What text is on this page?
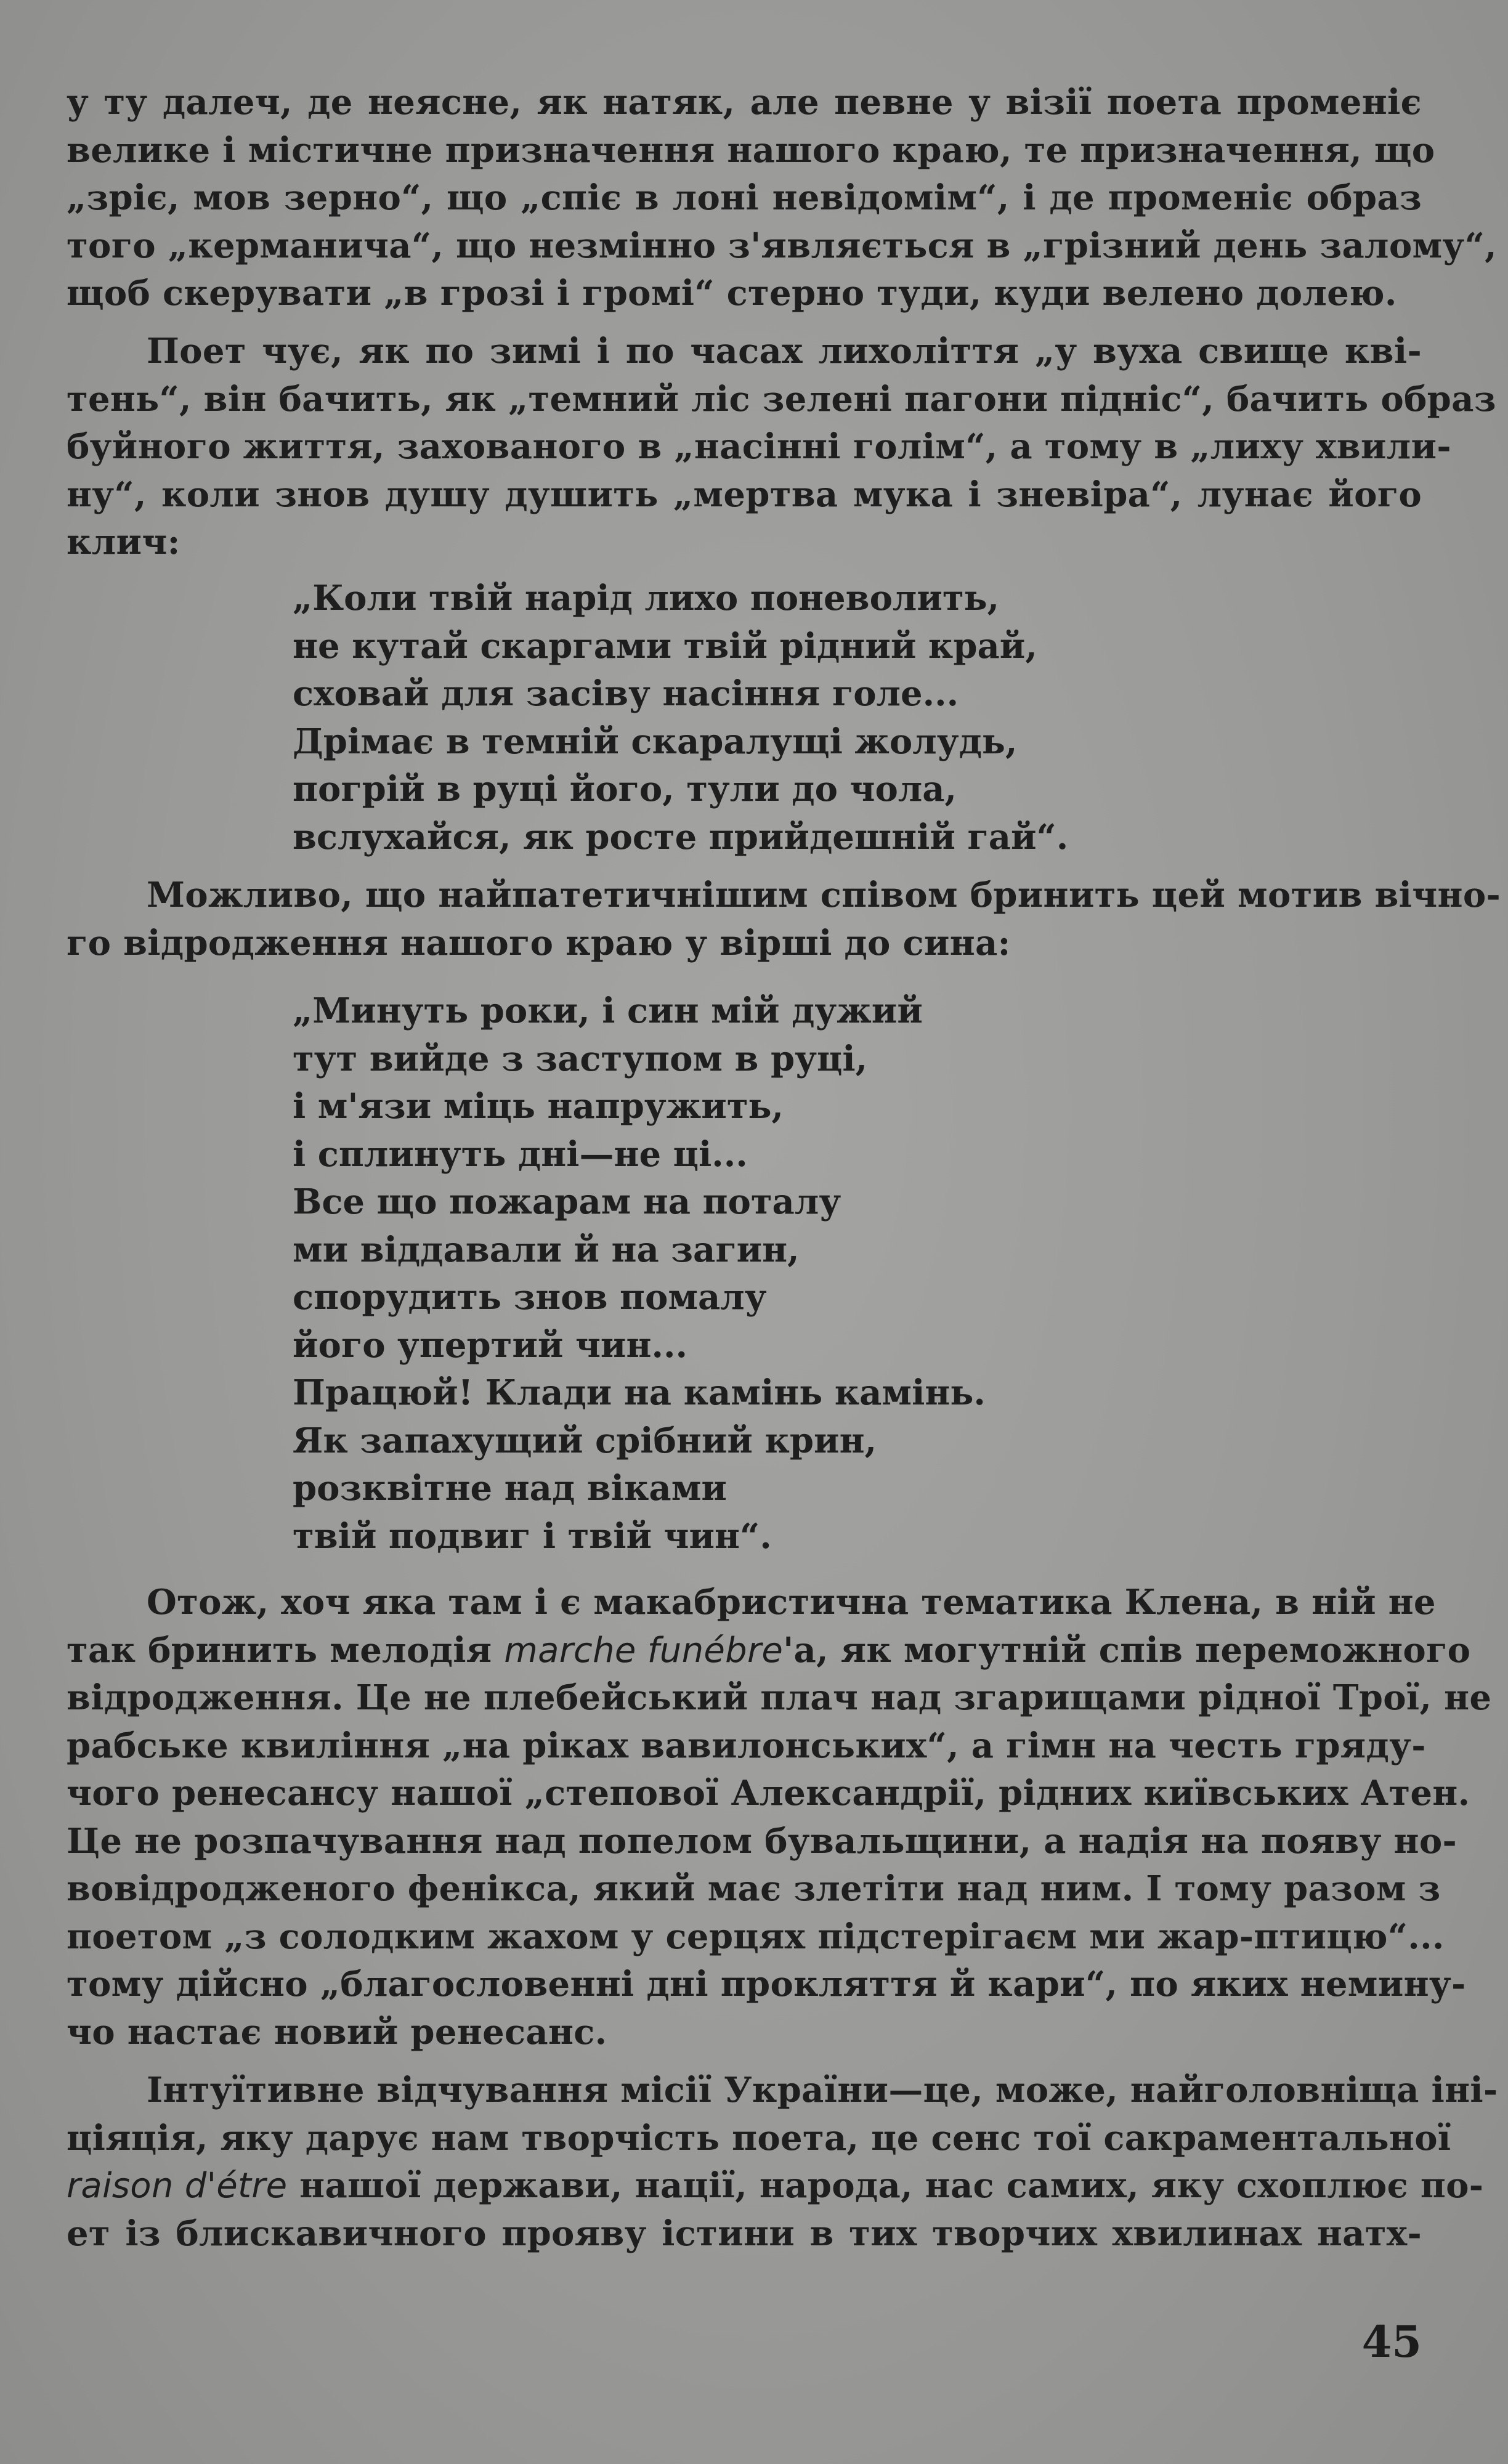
у ту далеч, де неясне, як натяк, але певне у візії поета променіє
велике і містичне призначення нашого краю, те призначення, що
„зріє, мов зерно“, що „спіє в лоні невідомім“, і де променіє образ
того „керманича“, що незмінно з'являється в „грізний день залому“,
щоб скерувати „в грозі і громі“ стерно туди, куди велено долею.

Поет чує, як по зимі і по часах лихоліття „у вуха свище кві-
тень“, він бачить, як „темний ліс зелені пагони підніс“, бачить образ
буйного життя, захованого в „насінні голім“, а тому в „лиху хвили-
ну“, коли знов душу душить „мертва мука і зневіра“, лунає його
клич:

„Коли твій нарід лихо поневолить,
не кутай скаргами твій рідний край,
сховай для засіву насіння голе...
Дрімає в темній скаралущі жолудь,
погрій в руці його, тули до чола,
вслухайся, як росте прийдешній гай“.

Можливо, що найпатетичнішим співом бринить цей мотив вічно-
го відродження нашого краю у вірші до сина:

„Минуть роки, і син мій дужий
тут вийде з заступом в руці,
і м'язи міць напружить,
і сплинуть дні—не ці...
Все що пожарам на поталу
ми віддавали й на загин,
спорудить знов помалу
його упертий чин...
Працюй! Клади на камінь камінь.
Як запахущий срібний крин,
розквітне над віками
твій подвиг і твій чин“.

Отож, хоч яка там і є макабристична тематика Клена, в ній не
так бринить мелодія marche funébre'а, як могутній спів переможного
відродження. Це не плебейський плач над згарищами рідної Трої, не
рабське квиління „на ріках вавилонських“, а гімн на честь гряду-
чого ренесансу нашої „степової Александрії, рідних київських Атен.
Це не розпачування над попелом бувальщини, а надія на появу но-
вовідродженого фенікса, який має злетіти над ним. І тому разом з
поетом „з солодким жахом у серцях підстерігаєм ми жар-птицю“...
тому дійсно „благословенні дні прокляття й кари“, по яких немину-
чо настає новий ренесанс.

Інтуїтивне відчування місії України—це, може, найголовніща іні-
ціяція, яку дарує нам творчість поета, це сенс тої сакраментальної
raison d'étre нашої держави, нації, народа, нас самих, яку схоплює по-
ет із блискавичного прояву істини в тих творчих хвилинах натх-

45
